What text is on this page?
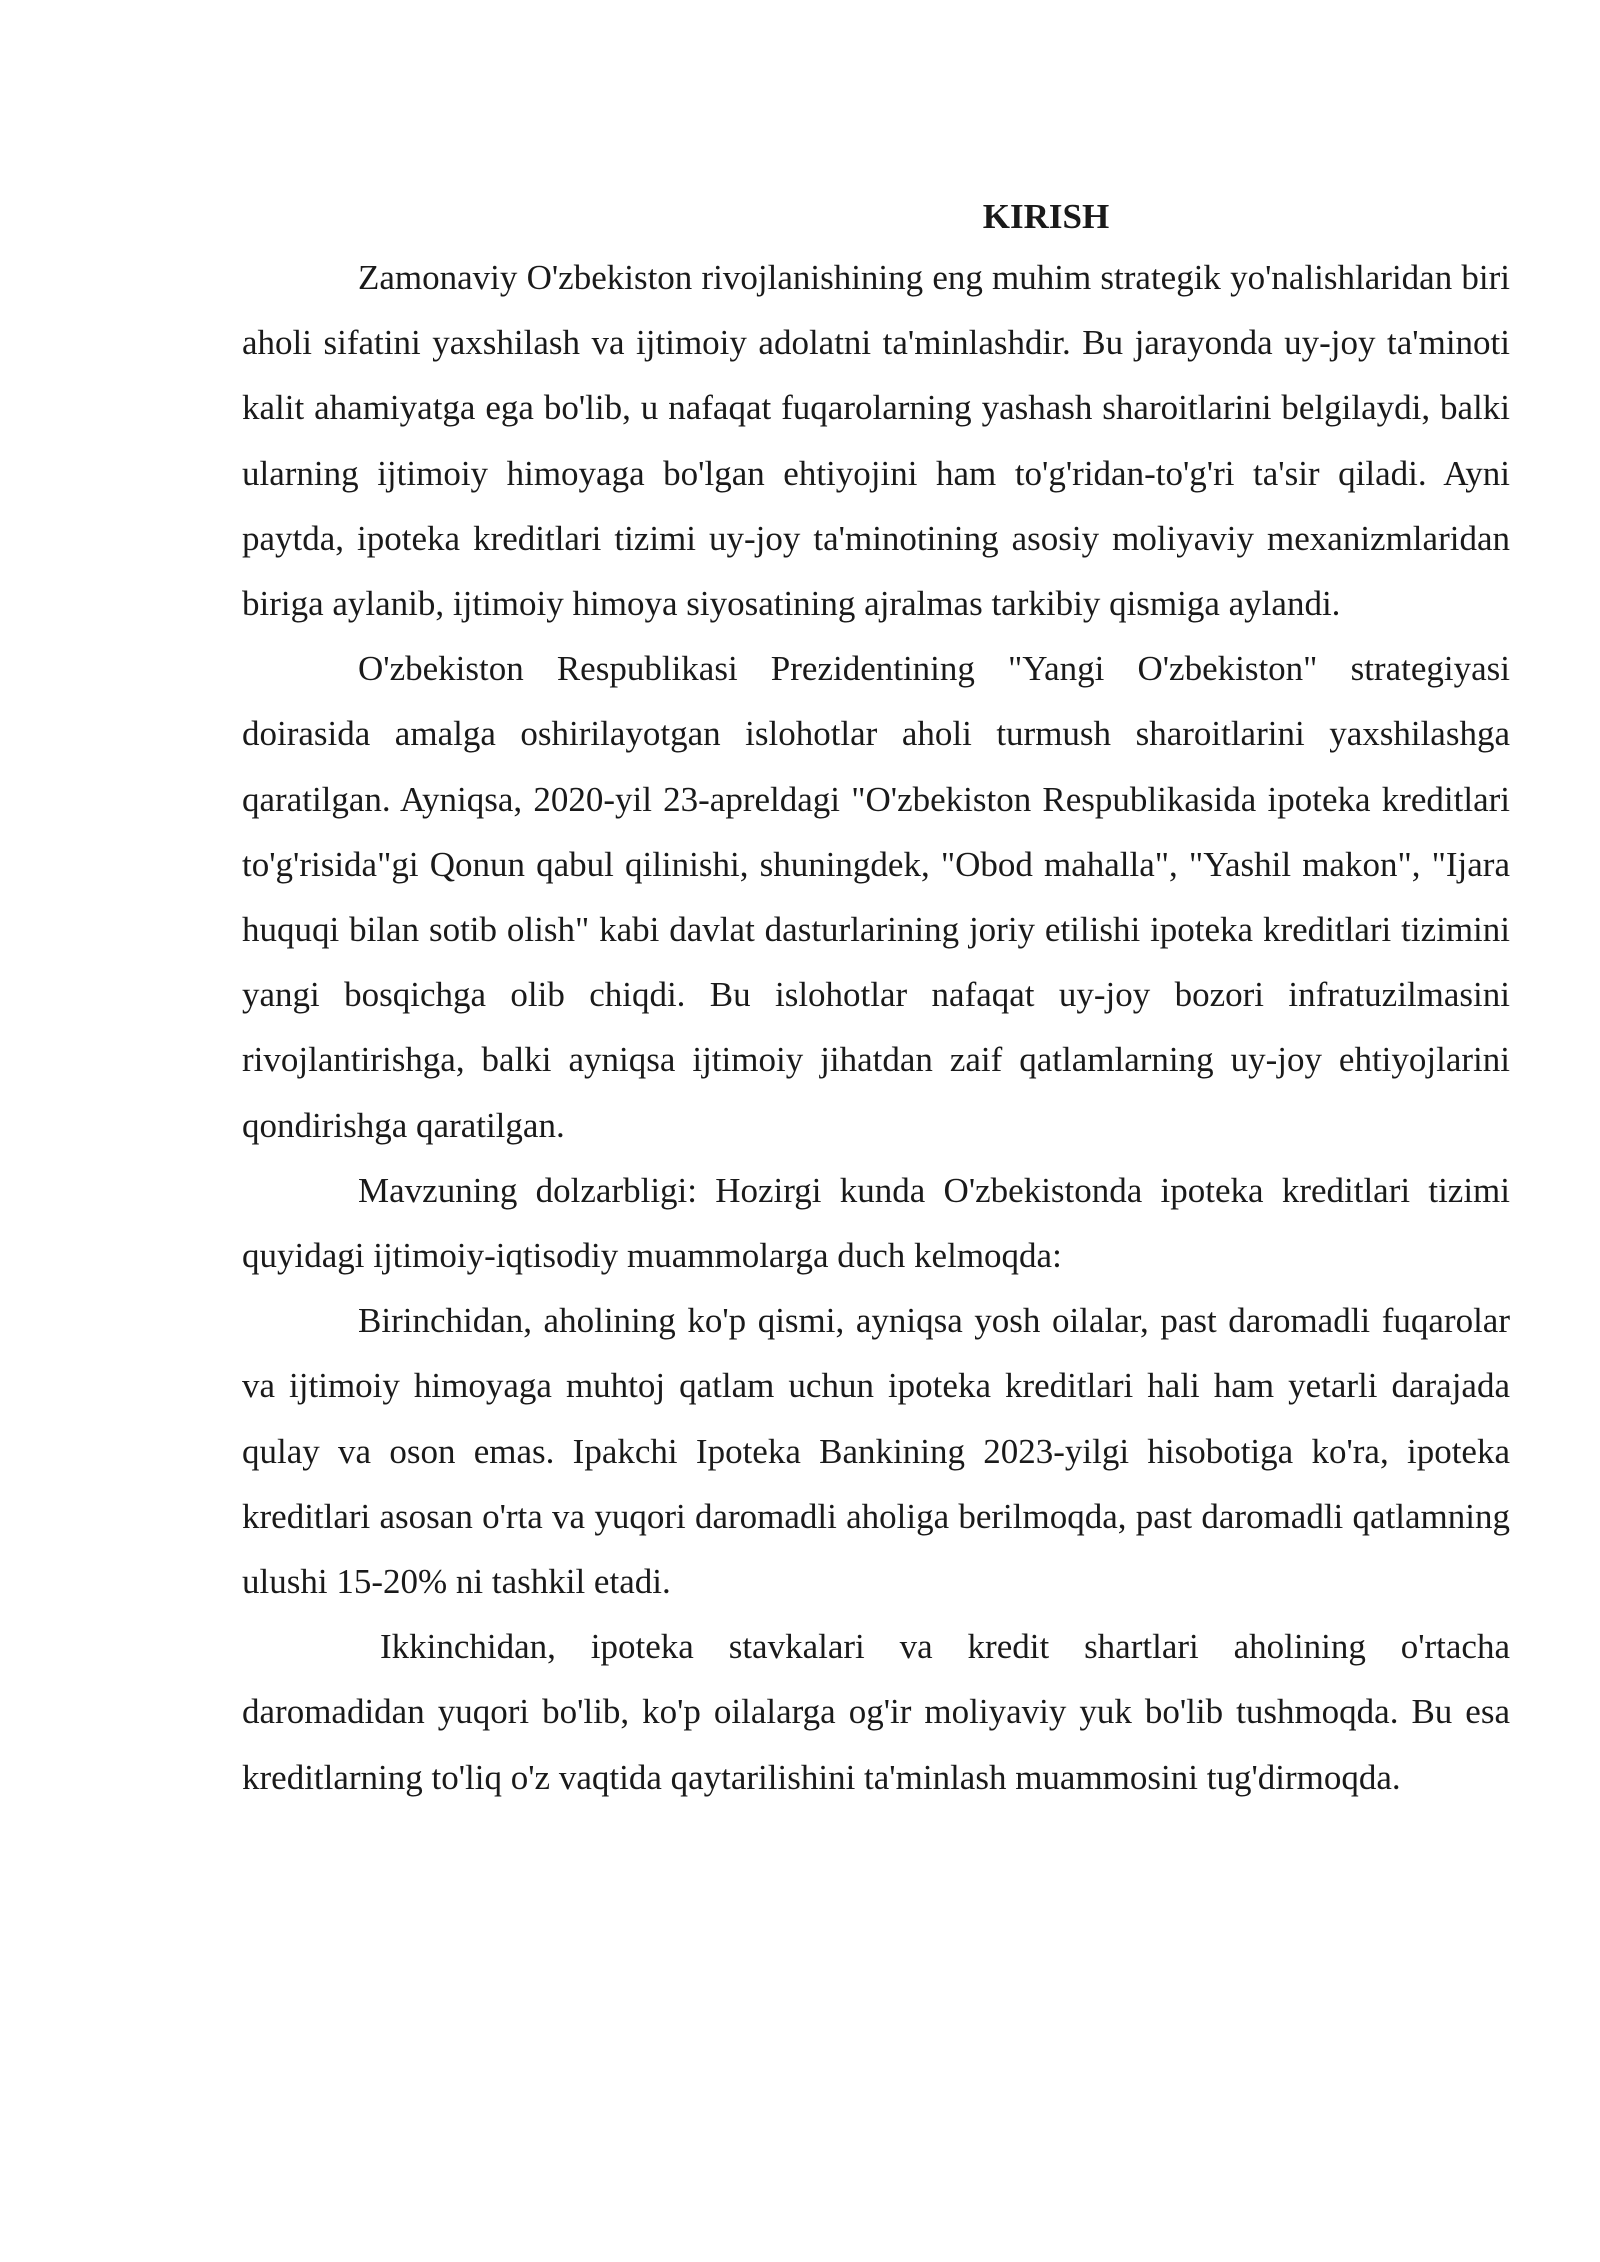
KIRISH

Zamonaviy O'zbekiston rivojlanishining eng muhim strategik yo'nalishlaridan biri aholi sifatini yaxshilash va ijtimoiy adolatni ta'minlashdir. Bu jarayonda uy-joy ta'minoti kalit ahamiyatga ega bo'lib, u nafaqat fuqarolarning yashash sharoitlarini belgilaydi, balki ularning ijtimoiy himoyaga bo'lgan ehtiyojini ham to'g'ridan-to'g'ri ta'sir qiladi. Ayni paytda, ipoteka kreditlari tizimi uy-joy ta'minotining asosiy moliyaviy mexanizmlaridan biriga aylanib, ijtimoiy himoya siyosatining ajralmas tarkibiy qismiga aylandi.

O'zbekiston Respublikasi Prezidentining "Yangi O'zbekiston" strategiyasi doirasida amalga oshirilayotgan islohotlar aholi turmush sharoitlarini yaxshilashga qaratilgan. Ayniqsa, 2020-yil 23-apreldagi "O'zbekiston Respublikasida ipoteka kreditlari to'g'risida"gi Qonun qabul qilinishi, shuningdek, "Obod mahalla", "Yashil makon", "Ijara huquqi bilan sotib olish" kabi davlat dasturlarining joriy etilishi ipoteka kreditlari tizimini yangi bosqichga olib chiqdi. Bu islohotlar nafaqat uy-joy bozori infratuzilmasini rivojlantirishga, balki ayniqsa ijtimoiy jihatdan zaif qatlamlarning uy-joy ehtiyojlarini qondirishga qaratilgan.

Mavzuning dolzarbligi: Hozirgi kunda O'zbekistonda ipoteka kreditlari tizimi quyidagi ijtimoiy-iqtisodiy muammolarga duch kelmoqda:

Birinchidan, aholining ko'p qismi, ayniqsa yosh oilalar, past daromadli fuqarolar va ijtimoiy himoyaga muhtoj qatlam uchun ipoteka kreditlari hali ham yetarli darajada qulay va oson emas. Ipakchi Ipoteka Bankining 2023-yilgi hisobotiga ko'ra, ipoteka kreditlari asosan o'rta va yuqori daromadli aholiga berilmoqda, past daromadli qatlamning ulushi 15-20% ni tashkil etadi.

Ikkinchidan, ipoteka stavkalari va kredit shartlari aholining o'rtacha daromadidan yuqori bo'lib, ko'p oilalarga og'ir moliyaviy yuk bo'lib tushmoqda. Bu esa kreditlarning to'liq o'z vaqtida qaytarilishini ta'minlash muammosini tug'dirmoqda.
